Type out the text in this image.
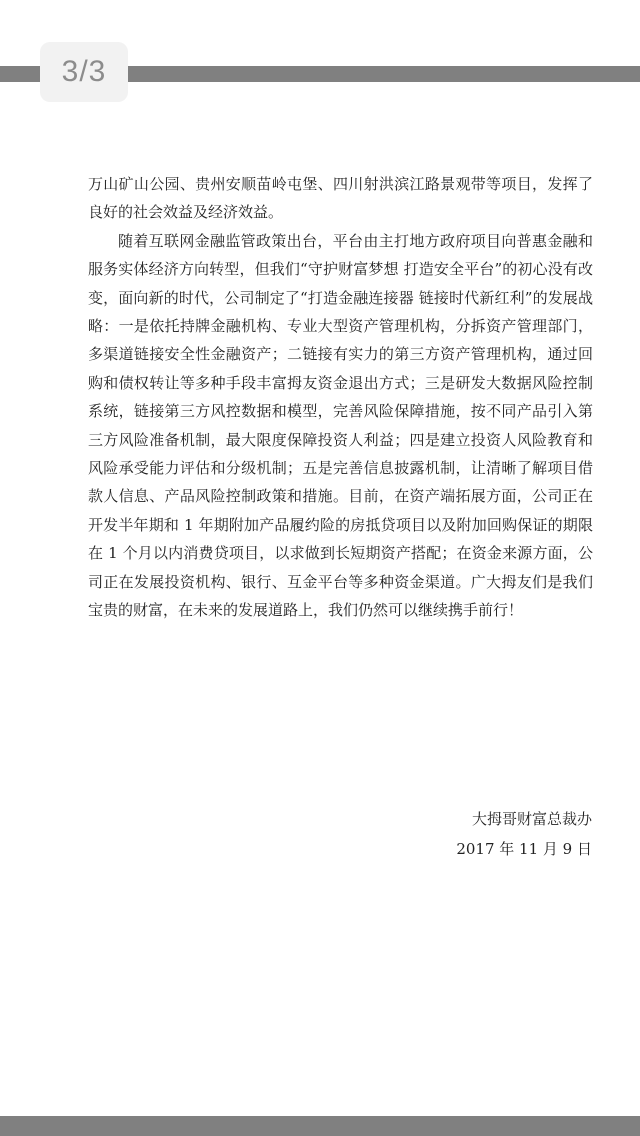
3/3

万山矿山公园、贵州安顺苗岭屯堡、四川射洪滨江路景观带等项目，发挥了良好的社会效益及经济效益。

随着互联网金融监管政策出台，平台由主打地方政府项目向普惠金融和服务实体经济方向转型，但我们“守护财富梦想 打造安全平台”的初心没有改变，面向新的时代，公司制定了“打造金融连接器 链接时代新红利”的发展战略：一是依托持牌金融机构、专业大型资产管理机构，分拆资产管理部门，多渠道链接安全性金融资产；二链接有实力的第三方资产管理机构，通过回购和债权转让等多种手段丰富拇友资金退出方式；三是研发大数据风险控制系统，链接第三方风控数据和模型，完善风险保障措施，按不同产品引入第三方风险准备机制，最大限度保障投资人利益；四是建立投资人风险教育和风险承受能力评估和分级机制；五是完善信息披露机制，让清晰了解项目借款人信息、产品风险控制政策和措施。目前，在资产端拓展方面，公司正在开发半年期和 1 年期附加产品履约险的房抵贷项目以及附加回购保证的期限在 1 个月以内消费贷项目，以求做到长短期资产搭配；在资金来源方面，公司正在发展投资机构、银行、互金平台等多种资金渠道。广大拇友们是我们宝贵的财富，在未来的发展道路上，我们仍然可以继续携手前行！

大拇哥财富总裁办
2017 年 11 月 9 日
